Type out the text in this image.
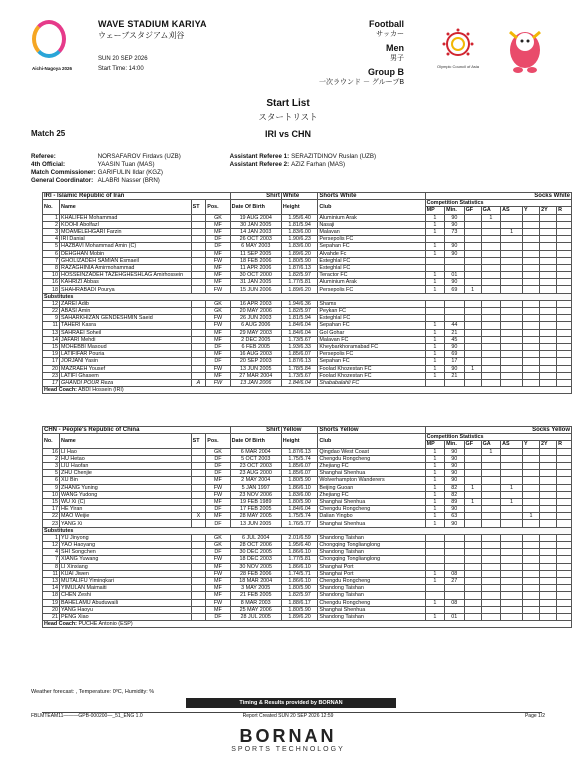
Aichi-Nagoya 2026
WAVE STADIUM KARIYA
ウェーブスタジアム刈谷
SUN 20 SEP 2026
Start Time: 14:00
Football
サッカー
Men
男子
Group B
一次ラウンド － グループB
Olympic Council of Asia
Start List
スタートリスト
Match 25	IRI vs CHN
Referee:	NORSAFAROV Firdavs (UZB)	Assistant Referee 1:	SERAZITDINOV Ruslan (UZB)
4th Official:	YAASIN Tuan (MAS)	Assistant Referee 2:	AZIZ Farhan (MAS)
Match Commissioner:	GARIFULIN Ildar (KGZ)		
General Coordinator:	ALABRI Nasser (BRN)		
IRI - Islamic Republic of Iran				Shirt	White	Shorts White	Socks White							
No.	Name	ST	Pos.	Date Of Birth	Height	Club	Competition Statistics							
							MP	Min.	GF	GA	AS	Y	2Y	R
1	KHALIFEH Mohammad		GK	19 AUG 2004	1.95/6.40	Aluminium Arak	1	90		1				
2	KOOHI Abolfazl		MF	30 JAN 2005	1.81/5.94	Nasaji	1	90						
3	MOAMELEHGARI Farzin		MF	14 JAN 2003	1.83/6.00	Malavan	1	73			1			
4	IRI Danial		DF	26 OCT 2003	1.90/6.23	Persepolis FC								
5	HAZBAVI Mohammad Amin (C)		DF	6 MAY 2003	1.83/6.00	Sepahan FC	1	90						
6	DEHGHAN Mobin		MF	11 SEP 2005	1.89/6.20	Alvahde Fc	1	90						
7	GHOLIZADEH SAMIAN Esmaeil		FW	18 FEB 2006	1.80/5.90	Esteghlal FC								
8	RAZAGHINIA Amirmohammad		MF	11 APR 2006	1.87/6.13	Esteghlal FC								
10	HOSSEINZADEH TAZEHGHESHLAG Amirhossein		MF	30 OCT 2000	1.82/5.97	Teractor FC	1	01						
16	KAHRIZI Abbas		MF	31 JAN 2005	1.77/5.81	Aluminium Arak	1	90						
18	SHAHRABADI Pourya		FW	15 JUN 2006	1.89/6.20	Persepolis FC	1	69	1					
Substitutes														
12	ZAREI Adib		GK	16 APR 2003	1.94/6.36	Shams								
22	ABASI Amin		GK	20 MAY 2006	1.82/5.97	Peykan FC								
9	SAHARKHIZAN GENDESHMIN Saeid		FW	26 JUN 2003	1.81/5.94	Esteghlal FC								
11	TAHERI Kasra		FW	6 AUG 2006	1.84/6.04	Sepahan FC	1	44						
13	SAHRAEI Soheil		MF	29 MAY 2003	1.84/6.04	Gol Gohar	1	21						
14	JAFARI Mehdi		MF	2 DEC 2005	1.73/5.67	Malavan FC	1	45						
15	MOHEBBI Masoud		DF	6 FEB 2005	1.93/6.33	Kheybarkhoramabad FC	1	90						
19	LATIFIFAR Pouria		MF	16 AUG 2003	1.85/6.07	Persepolis FC	1	69						
17	JORJANI Yasin		DF	20 SEP 2003	1.87/6.13	Sepahan FC	1	17						
20	MAZRAEH Yousef		FW	13 JUN 2005	1.78/5.84	Foolad Khozestan FC	1	90	1					
23	LATIFI Ghasem		MF	27 MAR 2004	1.73/5.67	Foolad Khozestan FC	1	21						
17	GHANDI POUR Reza	A	FW	13 JAN 2006	1.84/6.04	Shababalahli FC								
Head Coach: ABDI Hossein (IRI)														
CHN - People's Republic of China				Shirt	Yellow	Shorts Yellow	Socks Yellow							
No.	Name	ST	Pos.	Date Of Birth	Height	Club	Competition Statistics							
							MP	Min.	GF	GA	AS	Y	2Y	R
16	LI Hao		GK	6 MAR 2004	1.87/6.13	Qingdao West Coast	1	90		1				
2	HU Hetao		DF	5 OCT 2003	1.75/5.74	Chengdu Rongcheng	1	90						
3	LIU Haofan		DF	23 OCT 2003	1.85/6.07	Zhejiang FC	1	90						
5	ZHU Chenjie		DF	23 AUG 2000	1.85/6.07	Shanghai Shenhua	1	90						
6	XU Bin		MF	2 MAY 2004	1.80/5.90	Wolverhampton Wanderers	1	90						
9	ZHANG Yuning		FW	5 JAN 1997	1.86/6.10	Beijing Guoan	1	82	1		1			
10	WANG Yudong		FW	23 NOV 2006	1.83/6.00	Zhejiang FC	1	82						
15	WU Xi (C)		MF	19 FEB 1989	1.80/5.90	Shanghai Shenhua	1	89	1		1			
17	HE Yiran		DF	17 FEB 2005	1.84/6.04	Chengdu Rongcheng	1	90						
22	MAO Weijie	X	MF	28 MAY 2005	1.75/5.74	Dalian Yingbo	1	63				1		
23	YANG Xi		DF	13 JUN 2005	1.76/5.77	Shanghai Shenhua	1	90						
Substitutes														
1	YU Jinyong		GK	6 JUL 2004	2.01/6.59	Shandong Taishan								
12	YAO Haoyang		GK	28 OCT 2006	1.95/6.40	Chongqing Tonglianglong								
4	SHI Songchen		DF	30 DEC 2005	1.86/6.10	Shandong Taishan								
7	XIANG Yuwang		FW	18 DEC 2003	1.77/5.81	Chongqing Tonglianglong								
8	LI Xinxiang		MF	30 NOV 2005	1.86/6.10	Shanghai Port								
11	KUAI Jiwen		FW	28 FEB 2006	1.74/5.71	Shanghai Port	1	08						
13	MUTALIFU Yiminqkari		MF	18 MAR 2004	1.86/6.10	Chengdu Rongcheng	1	27						
14	YIMULAN Maimaiti		MF	3 MAY 2005	1.80/5.90	Shandong Taishan								
18	CHEN Zeshi		MF	21 FEB 2005	1.82/5.97	Shandong Taishan								
19	BAHELAMU Abuduwaili		FW	8 MAR 2003	1.88/6.17	Chengdu Rongcheng	1	08						
20	YANG Haoyu		MF	25 MAY 2006	1.80/5.90	Shanghai Shenhua								
21	PENG Xiao		DF	28 JUL 2005	1.89/6.20	Shandong Taishan	1	01						
Head Coach: PUCHE Antonio (ESP)														
Weather forecast: , Temperature: 0ºC, Humidity: %
Timing & Results provided by BORNAN
FBLMTEAM11———GPB-000200—_51_ENG 1.0	Report Created SUN 20 SEP 2026 12:59	Page 1/2
BORNAN
SPORTS TECHNOLOGY
